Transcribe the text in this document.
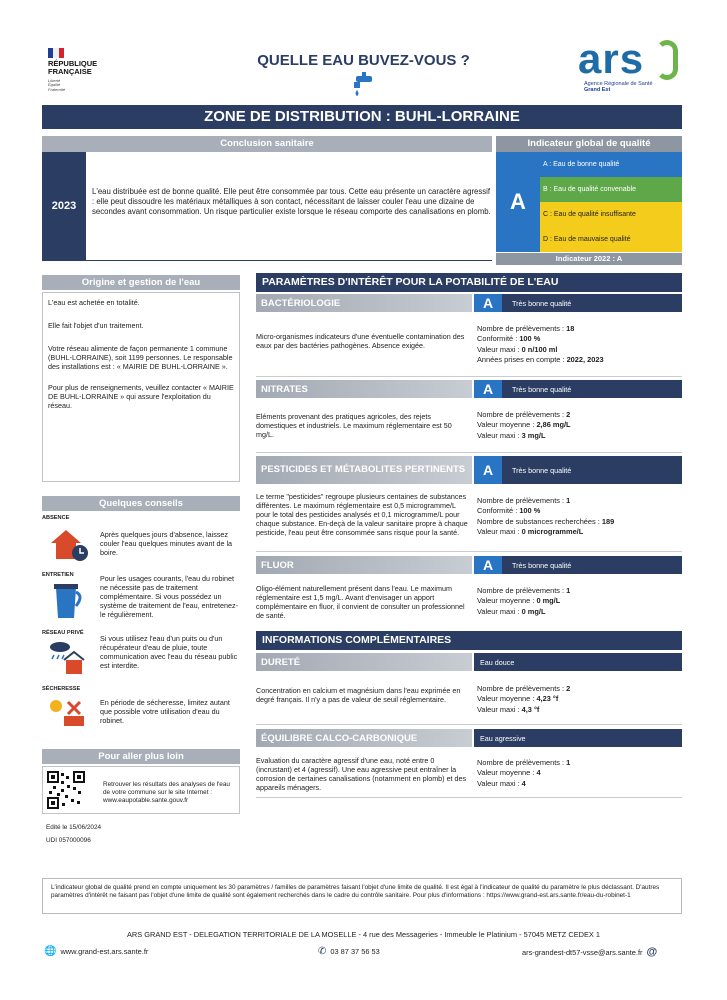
RÉPUBLIQUE
FRANÇAISE
Liberté
Égalité
Fraternité
QUELLE EAU BUVEZ-VOUS ?	ars
Agence Régionale de Santé
Grand Est
ZONE DE DISTRIBUTION : BUHL-LORRAINE
Conclusion sanitaire
2023
L'eau distribuée est de bonne qualité. Elle peut être consommée par tous. Cette eau présente un caractère agressif : elle peut dissoudre les matériaux métalliques à son contact, nécessitant de laisser couler l'eau une dizaine de secondes avant consommation. Un risque particulier existe lorsque le réseau comporte des canalisations en plomb.
Indicateur global de qualité
A
A : Eau de bonne qualité
B : Eau de qualité convenable
C : Eau de qualité insuffisante
D : Eau de mauvaise qualité
Indicateur 2022 : A
Origine et gestion de l'eau

L'eau est achetée en totalité.

Elle fait l'objet d'un traitement.

Votre réseau alimente de façon permanente 1 commune (BUHL-LORRAINE), soit 1199 personnes. Le responsable des installations est : « MAIRIE DE BUHL-LORRAINE ».

Pour plus de renseignements, veuillez contacter « MAIRIE DE BUHL-LORRAINE » qui assure l'exploitation du réseau.

Quelques conseils
ABSENCE
Après quelques jours d'absence, laissez couler l'eau quelques minutes avant de la boire.
ENTRETIEN	Pour les usages courants, l'eau du robinet ne nécessite pas de traitement complémentaire. Si vous possédez un système de traitement de l'eau, entretenez-le régulièrement.
RÉSEAU PRIVÉ
Si vous utilisez l'eau d'un puits ou d'un récupérateur d'eau de pluie, toute communication avec l'eau du réseau public est interdite.
SÉCHERESSE
En période de sécheresse, limitez autant que possible votre utilisation d'eau du robinet.
Pour aller plus loin
Retrouver les résultats des analyses de l'eau de votre commune sur le site Internet : www.eaupotable.sante.gouv.fr
Edité le 15/06/2024
UDI 057000096
PARAMÈTRES D'INTÉRÊT POUR LA POTABILITÉ DE L'EAU
BACTÉRIOLOGIE	A	Très bonne qualité
Micro-organismes indicateurs d'une éventuelle contamination des eaux par des bactéries pathogènes. Absence exigée.
Nombre de prélèvements : 18
Conformité : 100 %
Valeur maxi : 0 n/100 ml
Années prises en compte : 2022, 2023
NITRATES	A	Très bonne qualité
Eléments provenant des pratiques agricoles, des rejets domestiques et industriels. Le maximum réglementaire est 50 mg/L.
Nombre de prélèvements : 2
Valeur moyenne : 2,86 mg/L
Valeur maxi : 3 mg/L
PESTICIDES ET MÉTABOLITES PERTINENTS	A	Très bonne qualité
Le terme "pesticides" regroupe plusieurs centaines de substances différentes. Le maximum réglementaire est 0,5 microgramme/L pour le total des pesticides analysés et 0,1 microgramme/L pour chaque substance. En-deçà de la valeur sanitaire propre à chaque pesticide, l'eau peut être consommée sans risque pour la santé.
Nombre de prélèvements : 1
Conformité : 100 %
Nombre de substances recherchées : 189
Valeur maxi : 0 microgramme/L
FLUOR	A	Très bonne qualité
Oligo-élément naturellement présent dans l'eau. Le maximum réglementaire est 1,5 mg/L. Avant d'envisager un apport complémentaire en fluor, il convient de consulter un professionnel de santé.
Nombre de prélèvements : 1
Valeur moyenne : 0 mg/L
Valeur maxi : 0 mg/L
INFORMATIONS COMPLÉMENTAIRES
DURETÉ	Eau douce
Concentration en calcium et magnésium dans l'eau exprimée en degré français. Il n'y a pas de valeur de seuil réglementaire.
Nombre de prélèvements : 2
Valeur moyenne : 4,23 °f
Valeur maxi : 4,3 °f
ÉQUILIBRE CALCO-CARBONIQUE	Eau agressive
Evaluation du caractère agressif d'une eau, noté entre 0 (incrustant) et 4 (agressif). Une eau agressive peut entraîner la corrosion de certaines canalisations (notamment en plomb) et des appareils ménagers.
Nombre de prélèvements : 1
Valeur moyenne : 4
Valeur maxi : 4
L'indicateur global de qualité prend en compte uniquement les 30 paramètres / familles de paramètres faisant l'objet d'une limite de qualité. Il est égal à l'indicateur de qualité du paramètre le plus déclassant. D'autres paramètres d'intérêt ne faisant pas l'objet d'une limite de qualité sont également recherchés dans le cadre du contrôle sanitaire. Pour plus d'informations : https://www.grand-est.ars.sante.fr/eau-du-robinet-1
ARS GRAND EST - DELEGATION TERRITORIALE DE LA MOSELLE - 4 rue des Messageries - Immeuble le Platinium - 57045 METZ CEDEX 1
🌐 www.grand-est.ars.sante.fr	✆ 03 87 37 56 53	ars-grandest-dt57-vsse@ars.sante.fr @
